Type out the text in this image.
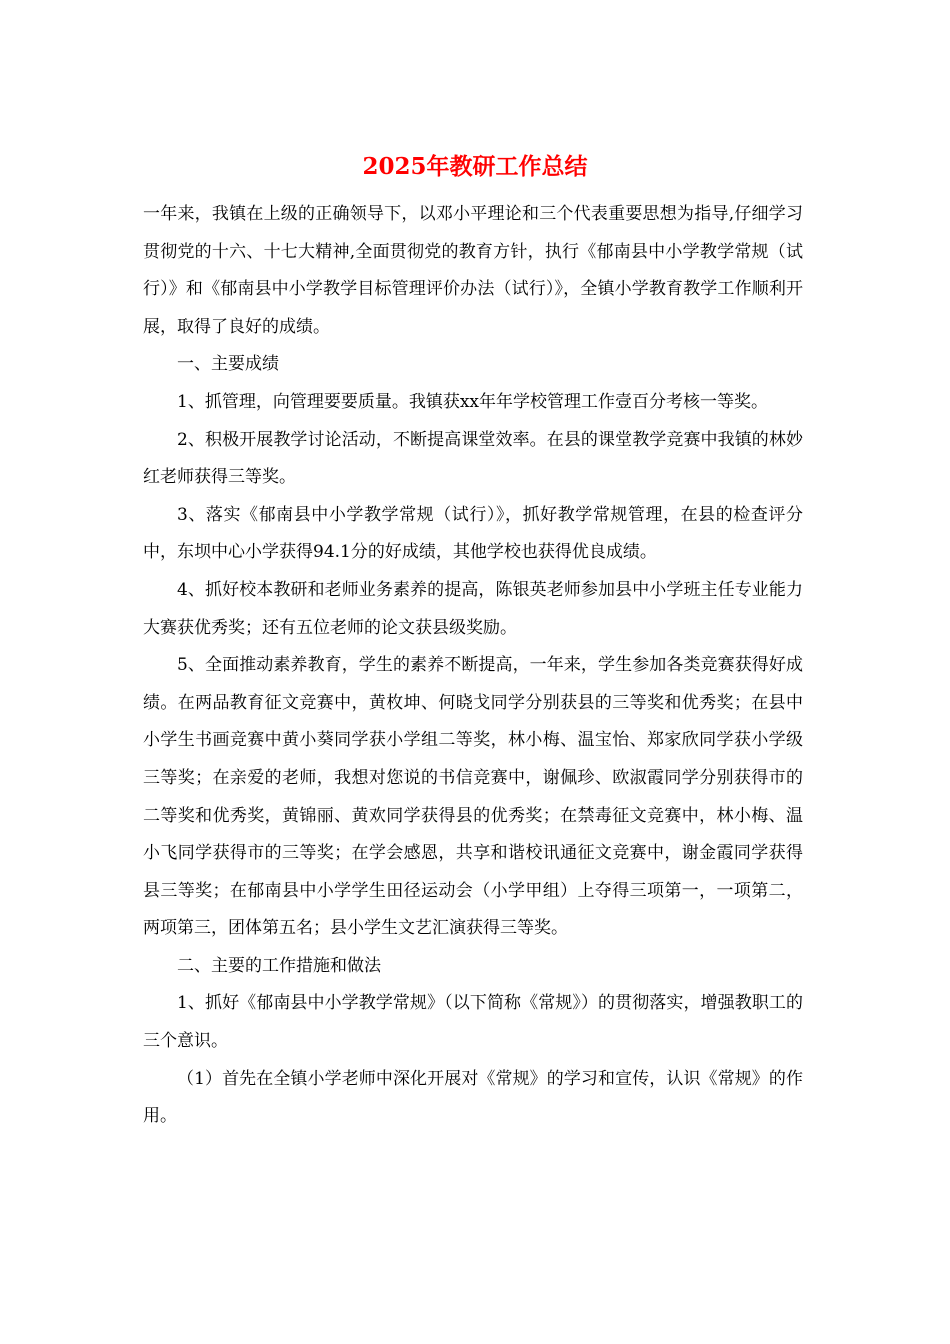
2025年教研工作总结

一年来，我镇在上级的正确领导下，以邓小平理论和三个代表重要思想为指导,仔细学习贯彻党的十六、十七大精神,全面贯彻党的教育方针，执行《郁南县中小学教学常规（试行）》和《郁南县中小学教学目标管理评价办法（试行）》，全镇小学教育教学工作顺利开展，取得了良好的成绩。

一、主要成绩

1、抓管理，向管理要要质量。我镇获xx年年学校管理工作壹百分考核一等奖。

2、积极开展教学讨论活动，不断提高课堂效率。在县的课堂教学竞赛中我镇的林妙红老师获得三等奖。

3、落实《郁南县中小学教学常规（试行）》，抓好教学常规管理，在县的检查评分中，东坝中心小学获得94.1分的好成绩，其他学校也获得优良成绩。

4、抓好校本教研和老师业务素养的提高，陈银英老师参加县中小学班主任专业能力大赛获优秀奖；还有五位老师的论文获县级奖励。

5、全面推动素养教育，学生的素养不断提高，一年来，学生参加各类竞赛获得好成绩。在两品教育征文竞赛中，黄枚坤、何晓戈同学分别获县的三等奖和优秀奖；在县中小学生书画竞赛中黄小葵同学获小学组二等奖，林小梅、温宝怡、郑家欣同学获小学级三等奖；在亲爱的老师，我想对您说的书信竞赛中，谢佩珍、欧淑霞同学分别获得市的二等奖和优秀奖，黄锦丽、黄欢同学获得县的优秀奖；在禁毒征文竞赛中，林小梅、温小飞同学获得市的三等奖；在学会感恩，共享和谐校讯通征文竞赛中，谢金霞同学获得县三等奖；在郁南县中小学学生田径运动会（小学甲组）上夺得三项第一，一项第二，两项第三，团体第五名；县小学生文艺汇演获得三等奖。

二、主要的工作措施和做法

1、抓好《郁南县中小学教学常规》（以下简称《常规》）的贯彻落实，增强教职工的三个意识。

（1）首先在全镇小学老师中深化开展对《常规》的学习和宣传，认识《常规》的作用。
